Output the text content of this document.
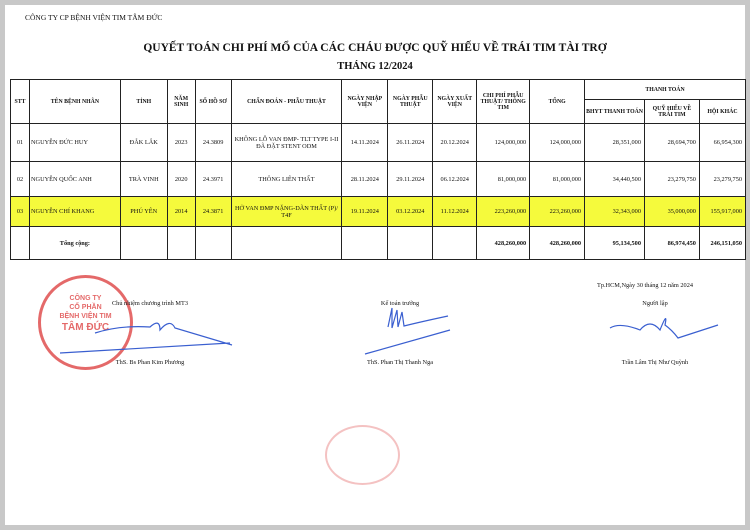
CÔNG TY CP BỆNH VIỆN TIM TÂM ĐỨC
QUYẾT TOÁN CHI PHÍ MỔ CỦA CÁC CHÁU ĐƯỢC QUỸ HIẾU VỀ TRÁI TIM TÀI TRỢ
THÁNG 12/2024
STT	TÊN BỆNH NHÂN	TỈNH	NĂM SINH	SỐ HỒ SƠ	CHẨN ĐOÁN - PHẪU THUẬT	NGÀY NHẬP VIỆN	NGÀY PHẪU THUẬT	NGÀY XUẤT VIỆN	CHI PHÍ PHẪU THUẬT/ THÔNG TIM	TỔNG	THANH TOÁN		
											BHYT THANH TOÁN	QUỸ HIẾU VỀ TRÁI TIM	HỘI KHÁC
01	NGUYỄN ĐỨC HUY	ĐẮK LẮK	2023	24.3809	KHÔNG LỖ VAN ĐMP- TLT TYPE I-II ĐÃ ĐẶT STENT ODM	14.11.2024	26.11.2024	20.12.2024	124,000,000	124,000,000	28,351,000	28,694,700	66,954,300
02	NGUYỄN QUỐC ANH	TRÀ VINH	2020	24.3971	THÔNG LIÊN THẤT	28.11.2024	29.11.2024	06.12.2024	81,000,000	81,000,000	34,440,500	23,279,750	23,279,750
03	NGUYỄN CHÍ KHANG	PHÚ YÊN	2014	24.3871	HỞ VAN ĐMP NẶNG-DÃN THẤT (P)/ T4F	19.11.2024	03.12.2024	11.12.2024	223,260,000	223,260,000	32,343,000	35,000,000	155,917,000
	Tổng cộng:								428,260,000	428,260,000	95,134,500	86,974,450	246,151,050
CÔNG TY
CỔ PHẦN
BỆNH VIỆN TIM
TÂM ĐỨC
Tp.HCM,Ngày 30 tháng 12 năm 2024
Chủ nhiệm chương trình MT3
ThS. Bs Phan Kim Phương
Kế toán trưởng
ThS. Phan Thị Thanh Nga
Người lập
Trần Lâm Thị Như Quỳnh
